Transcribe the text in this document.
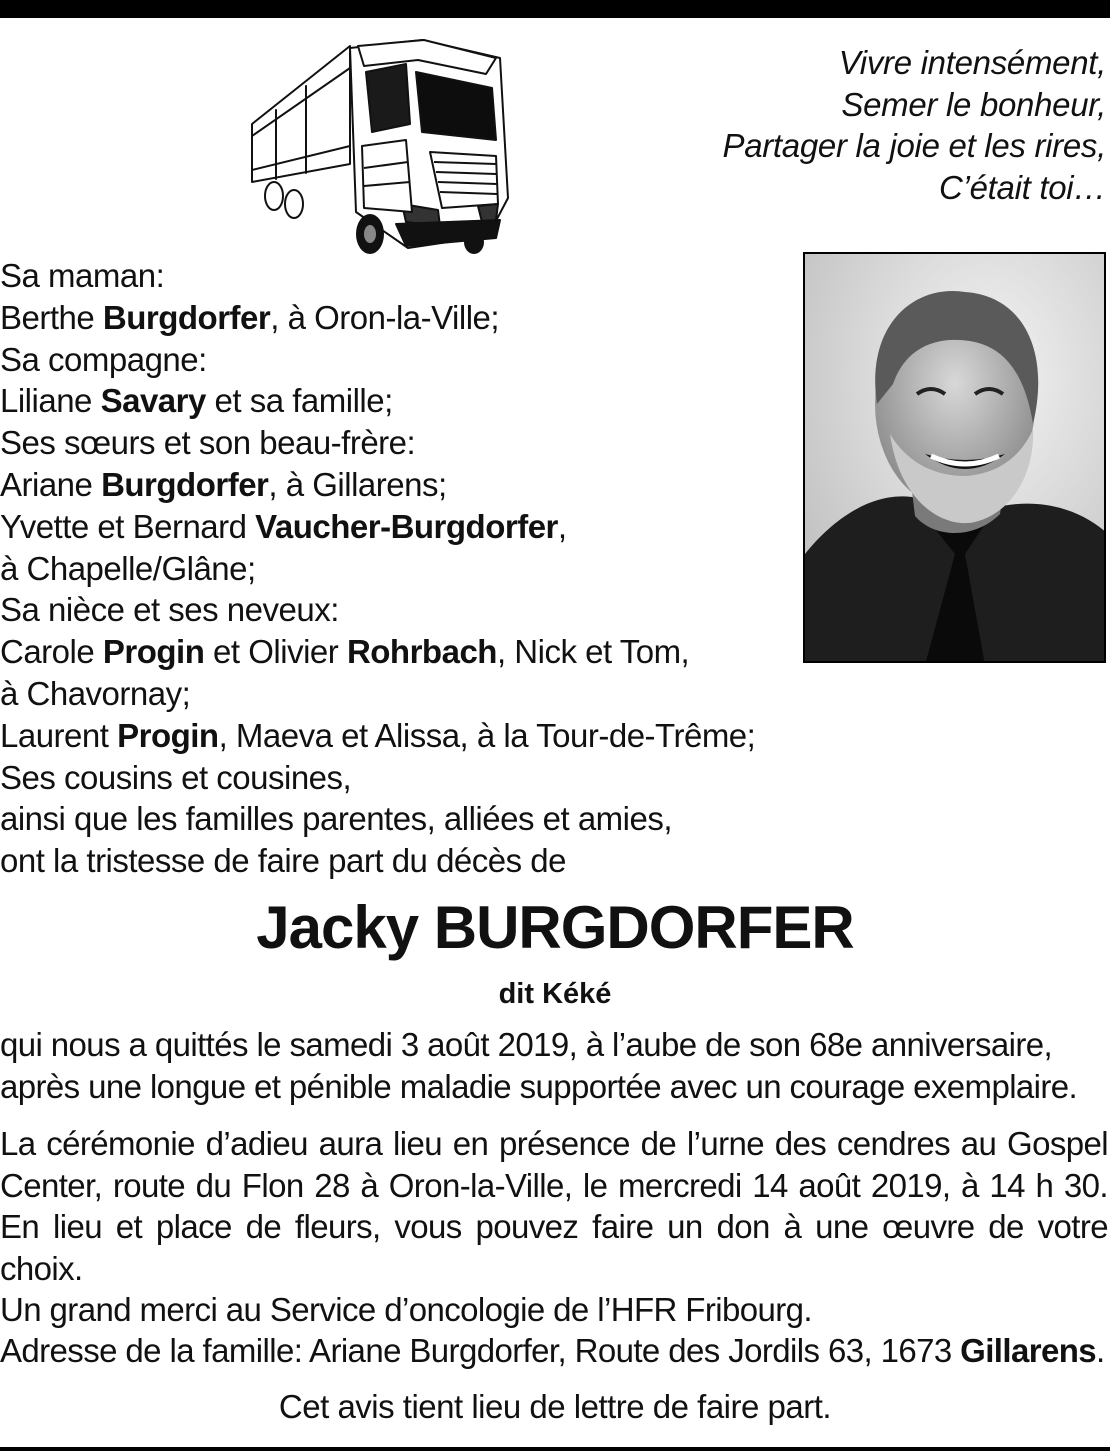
Vivre intensément,
Semer le bonheur,
Partager la joie et les rires,
C’était toi…
Sa maman:
Berthe Burgdorfer, à Oron-la-Ville;
Sa compagne:
Liliane Savary et sa famille;
Ses sœurs et son beau-frère:
Ariane Burgdorfer, à Gillarens;
Yvette et Bernard Vaucher-Burgdorfer,
à Chapelle/Glâne;
Sa nièce et ses neveux:
Carole Progin et Olivier Rohrbach, Nick et Tom,
à Chavornay;
Laurent Progin, Maeva et Alissa, à la Tour-de-Trême;
Ses cousins et cousines,
ainsi que les familles parentes, alliées et amies,
ont la tristesse de faire part du décès de
Jacky BURGDORFER
dit Kéké
qui nous a quittés le samedi 3 août 2019, à l’aube de son 68e anniversaire,
après une longue et pénible maladie supportée avec un courage exemplaire.
La cérémonie d’adieu aura lieu en présence de l’urne des cendres au Gospel Center, route du Flon 28 à Oron-la-Ville, le mercredi 14 août 2019, à 14 h 30. En lieu et place de fleurs, vous pouvez faire un don à une œuvre de votre choix.
Un grand merci au Service d’oncologie de l’HFR Fribourg.
Adresse de la famille: Ariane Burgdorfer, Route des Jordils 63, 1673 Gillarens.
Cet avis tient lieu de lettre de faire part.
